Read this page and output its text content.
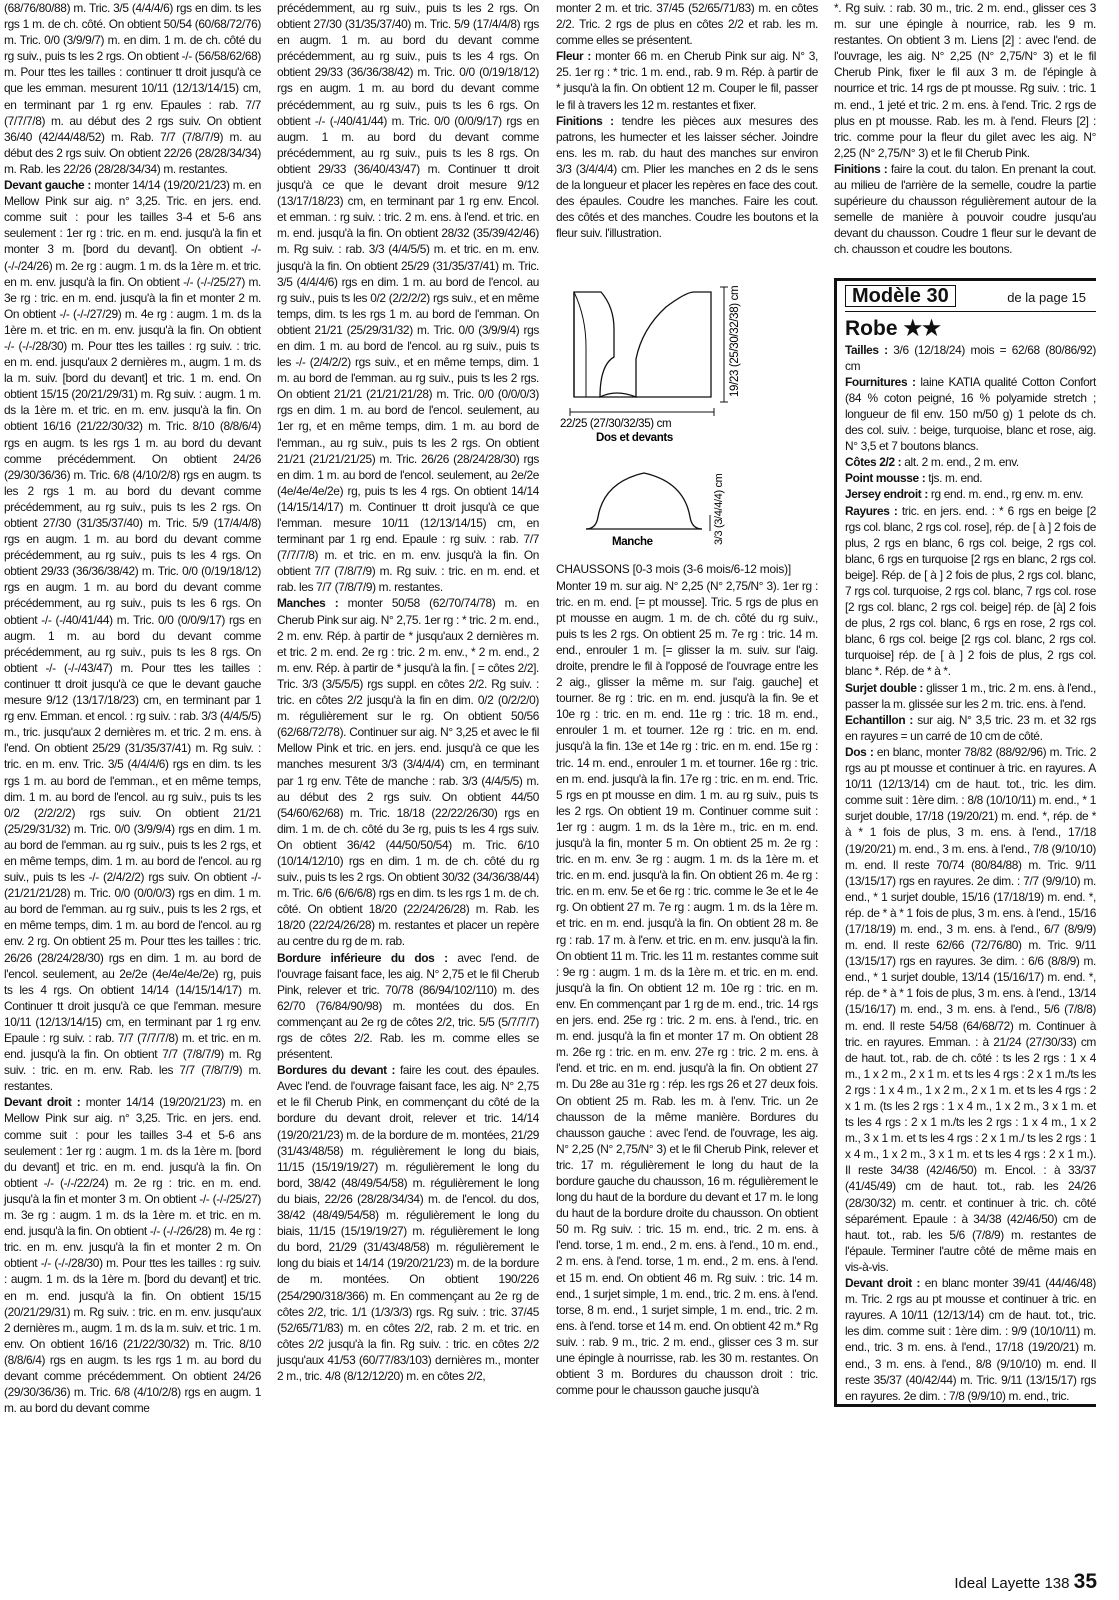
(68/76/80/88) m. Tric. 3/5 (4/4/4/6) rgs en dim. ts les rgs 1 m. de ch. côté. On obtient 50/54 (60/68/72/76) m. Tric. 0/0 (3/9/9/7) m. en dim. 1 m. de ch. côté du rg suiv., puis ts les 2 rgs. On obtient -/- (56/58/62/68) m. Pour ttes les tailles : continuer tt droit jusqu'à ce que les emman. mesurent 10/11 (12/13/14/15) cm, en terminant par 1 rg env. Epaules : rab. 7/7 (7/7/7/8) m. au début des 2 rgs suiv. On obtient 36/40 (42/44/48/52) m. Rab. 7/7 (7/8/7/9) m. au début des 2 rgs suiv. On obtient 22/26 (28/28/34/34) m. Rab. les 22/26 (28/28/34/34) m. restantes.

Devant gauche : monter 14/14 (19/20/21/23) m. en Mellow Pink sur aig. n° 3,25. Tric. en jers. end. comme suit : pour les tailles 3-4 et 5-6 ans seulement : 1er rg : tric. en m. end. jusqu'à la fin et monter 3 m. [bord du devant]. On obtient -/- (-/-/24/26) m. 2e rg : augm. 1 m. ds la 1ère m. et tric. en m. env. jusqu'à la fin. On obtient -/- (-/-/25/27) m. 3e rg : tric. en m. end. jusqu'à la fin et monter 2 m. On obtient -/- (-/-/27/29) m. 4e rg : augm. 1 m. ds la 1ère m. et tric. en m. env. jusqu'à la fin. On obtient -/- (-/-/28/30) m. Pour ttes les tailles : rg suiv. : tric. en m. end. jusqu'aux 2 dernières m., augm. 1 m. ds la m. suiv. [bord du devant] et tric. 1 m. end. On obtient 15/15 (20/21/29/31) m. Rg suiv. : augm. 1 m. ds la 1ère m. et tric. en m. env. jusqu'à la fin. On obtient 16/16 (21/22/30/32) m. Tric. 8/10 (8/8/6/4) rgs en augm. ts les rgs 1 m. au bord du devant comme précédemment. On obtient 24/26 (29/30/36/36) m. Tric. 6/8 (4/10/2/8) rgs en augm. ts les 2 rgs 1 m. au bord du devant comme précédemment, au rg suiv., puis ts les 2 rgs. On obtient 27/30 (31/35/37/40) m. Tric. 5/9 (17/4/4/8) rgs en augm. 1 m. au bord du devant comme précédemment, au rg suiv., puis ts les 4 rgs. On obtient 29/33 (36/36/38/42) m. Tric. 0/0 (0/19/18/12) rgs en augm. 1 m. au bord du devant comme précédemment, au rg suiv., puis ts les 6 rgs. On obtient -/- (-/40/41/44) m. Tric. 0/0 (0/0/9/17) rgs en augm. 1 m. au bord du devant comme précédemment, au rg suiv., puis ts les 8 rgs. On obtient -/- (-/-/43/47) m. Pour ttes les tailles : continuer tt droit jusqu'à ce que le devant gauche mesure 9/12 (13/17/18/23) cm, en terminant par 1 rg env. Emman. et encol. : rg suiv. : rab. 3/3 (4/4/5/5) m., tric. jusqu'aux 2 dernières m. et tric. 2 m. ens. à l'end. On obtient 25/29 (31/35/37/41) m. Rg suiv. : tric. en m. env. Tric. 3/5 (4/4/4/6) rgs en dim. ts les rgs 1 m. au bord de l'emman., et en même temps, dim. 1 m. au bord de l'encol. au rg suiv., puis ts les 0/2 (2/2/2/2) rgs suiv. On obtient 21/21 (25/29/31/32) m. Tric. 0/0 (3/9/9/4) rgs en dim. 1 m. au bord de l'emman. au rg suiv., puis ts les 2 rgs, et en même temps, dim. 1 m. au bord de l'encol. au rg suiv., puis ts les -/- (2/4/2/2) rgs suiv. On obtient -/- (21/21/21/28) m. Tric. 0/0 (0/0/0/3) rgs en dim. 1 m. au bord de l'emman. au rg suiv., puis ts les 2 rgs, et en même temps, dim. 1 m. au bord de l'encol. au rg env. 2 rg. On obtient 25 m. Pour ttes les tailles : tric. 26/26 (28/24/28/30) rgs en dim. 1 m. au bord de l'encol. seulement, au 2e/2e (4e/4e/4e/2e) rg, puis ts les 4 rgs. On obtient 14/14 (14/15/14/17) m. Continuer tt droit jusqu'à ce que l'emman. mesure 10/11 (12/13/14/15) cm, en terminant par 1 rg env. Epaule : rg suiv. : rab. 7/7 (7/7/7/8) m. et tric. en m. end. jusqu'à la fin. On obtient 7/7 (7/8/7/9) m. Rg suiv. : tric. en m. env. Rab. les 7/7 (7/8/7/9) m. restantes.

Devant droit : monter 14/14 (19/20/21/23) m. en Mellow Pink sur aig. n° 3,25. Tric. en jers. end. comme suit : pour les tailles 3-4 et 5-6 ans seulement : 1er rg : augm. 1 m. ds la 1ère m. [bord du devant] et tric. en m. end. jusqu'à la fin. On obtient -/- (-/-/22/24) m. 2e rg : tric. en m. end. jusqu'à la fin et monter 3 m. On obtient -/- (-/-/25/27) m. 3e rg : augm. 1 m. ds la 1ère m. et tric. en m. end. jusqu'à la fin. On obtient -/- (-/-/26/28) m. 4e rg : tric. en m. env. jusqu'à la fin et monter 2 m. On obtient -/- (-/-/28/30) m. Pour ttes les tailles : rg suiv. : augm. 1 m. ds la 1ère m. [bord du devant] et tric. en m. end. jusqu'à la fin. On obtient 15/15 (20/21/29/31) m. Rg suiv. : tric. en m. env. jusqu'aux 2 dernières m., augm. 1 m. ds la m. suiv. et tric. 1 m. env. On obtient 16/16 (21/22/30/32) m. Tric. 8/10 (8/8/6/4) rgs en augm. ts les rgs 1 m. au bord du devant comme précédemment. On obtient 24/26 (29/30/36/36) m. Tric. 6/8 (4/10/2/8) rgs en augm. 1 m. au bord du devant comme

précédemment, au rg suiv., puis ts les 2 rgs. On obtient 27/30 (31/35/37/40) m. Tric. 5/9 (17/4/4/8) rgs en augm. 1 m. au bord du devant comme précédemment, au rg suiv., puis ts les 4 rgs. On obtient 29/33 (36/36/38/42) m. Tric. 0/0 (0/19/18/12) rgs en augm. 1 m. au bord du devant comme précédemment, au rg suiv., puis ts les 6 rgs. On obtient -/- (-/40/41/44) m. Tric. 0/0 (0/0/9/17) rgs en augm. 1 m. au bord du devant comme précédemment, au rg suiv., puis ts les 8 rgs. On obtient 29/33 (36/40/43/47) m. Continuer tt droit jusqu'à ce que le devant droit mesure 9/12 (13/17/18/23) cm, en terminant par 1 rg env. Encol. et emman. : rg suiv. : tric. 2 m. ens. à l'end. et tric. en m. end. jusqu'à la fin. On obtient 28/32 (35/39/42/46) m. Rg suiv. : rab. 3/3 (4/4/5/5) m. et tric. en m. env. jusqu'à la fin. On obtient 25/29 (31/35/37/41) m. Tric. 3/5 (4/4/4/6) rgs en dim. 1 m. au bord de l'encol. au rg suiv., puis ts les 0/2 (2/2/2/2) rgs suiv., et en même temps, dim. ts les rgs 1 m. au bord de l'emman. On obtient 21/21 (25/29/31/32) m. Tric. 0/0 (3/9/9/4) rgs en dim. 1 m. au bord de l'encol. au rg suiv., puis ts les -/- (2/4/2/2) rgs suiv., et en même temps, dim. 1 m. au bord de l'emman. au rg suiv., puis ts les 2 rgs. On obtient 21/21 (21/21/21/28) m. Tric. 0/0 (0/0/0/3) rgs en dim. 1 m. au bord de l'encol. seulement, au 1er rg, et en même temps, dim. 1 m. au bord de l'emman., au rg suiv., puis ts les 2 rgs. On obtient 21/21 (21/21/21/25) m. Tric. 26/26 (28/24/28/30) rgs en dim. 1 m. au bord de l'encol. seulement, au 2e/2e (4e/4e/4e/2e) rg, puis ts les 4 rgs. On obtient 14/14 (14/15/14/17) m. Continuer tt droit jusqu'à ce que l'emman. mesure 10/11 (12/13/14/15) cm, en terminant par 1 rg end. Epaule : rg suiv. : rab. 7/7 (7/7/7/8) m. et tric. en m. env. jusqu'à la fin. On obtient 7/7 (7/8/7/9) m. Rg suiv. : tric. en m. end. et rab. les 7/7 (7/8/7/9) m. restantes.

Manches : monter 50/58 (62/70/74/78) m. en Cherub Pink sur aig. N° 2,75. 1er rg : * tric. 2 m. end., 2 m. env. Rép. à partir de * jusqu'aux 2 dernières m. et tric. 2 m. end. 2e rg : tric. 2 m. env., * 2 m. end., 2 m. env. Rép. à partir de * jusqu'à la fin. [ = côtes 2/2]. Tric. 3/3 (3/5/5/5) rgs suppl. en côtes 2/2. Rg suiv. : tric. en côtes 2/2 jusqu'à la fin en dim. 0/2 (0/2/2/0) m. régulièrement sur le rg. On obtient 50/56 (62/68/72/78). Continuer sur aig. N° 3,25 et avec le fil Mellow Pink et tric. en jers. end. jusqu'à ce que les manches mesurent 3/3 (3/4/4/4) cm, en terminant par 1 rg env. Tête de manche : rab. 3/3 (4/4/5/5) m. au début des 2 rgs suiv. On obtient 44/50 (54/60/62/68) m. Tric. 18/18 (22/22/26/30) rgs en dim. 1 m. de ch. côté du 3e rg, puis ts les 4 rgs suiv. On obtient 36/42 (44/50/50/54) m. Tric. 6/10 (10/14/12/10) rgs en dim. 1 m. de ch. côté du rg suiv., puis ts les 2 rgs. On obtient 30/32 (34/36/38/44) m. Tric. 6/6 (6/6/6/8) rgs en dim. ts les rgs 1 m. de ch. côté. On obtient 18/20 (22/24/26/28) m. Rab. les 18/20 (22/24/26/28) m. restantes et placer un repère au centre du rg de m. rab.

Bordure inférieure du dos : avec l'end. de l'ouvrage faisant face, les aig. N° 2,75 et le fil Cherub Pink, relever et tric. 70/78 (86/94/102/110) m. des 62/70 (76/84/90/98) m. montées du dos. En commençant au 2e rg de côtes 2/2, tric. 5/5 (5/7/7/7) rgs de côtes 2/2. Rab. les m. comme elles se présentent.

Bordures du devant : faire les cout. des épaules. Avec l'end. de l'ouvrage faisant face, les aig. N° 2,75 et le fil Cherub Pink, en commençant du côté de la bordure du devant droit, relever et tric. 14/14 (19/20/21/23) m. de la bordure de m. montées, 21/29 (31/43/48/58) m. régulièrement le long du biais, 11/15 (15/19/19/27) m. régulièrement le long du bord, 38/42 (48/49/54/58) m. régulièrement le long du biais, 22/26 (28/28/34/34) m. de l'encol. du dos, 38/42 (48/49/54/58) m. régulièrement le long du biais, 11/15 (15/19/19/27) m. régulièrement le long du bord, 21/29 (31/43/48/58) m. régulièrement le long du biais et 14/14 (19/20/21/23) m. de la bordure de m. montées. On obtient 190/226 (254/290/318/366) m. En commençant au 2e rg de côtes 2/2, tric. 1/1 (1/3/3/3) rgs. Rg suiv. : tric. 37/45 (52/65/71/83) m. en côtes 2/2, rab. 2 m. et tric. en côtes 2/2 jusqu'à la fin. Rg suiv. : tric. en côtes 2/2 jusqu'aux 41/53 (60/77/83/103) dernières m., monter 2 m., tric. 4/8 (8/12/12/20) m. en côtes 2/2,

monter 2 m. et tric. 37/45 (52/65/71/83) m. en côtes 2/2. Tric. 2 rgs de plus en côtes 2/2 et rab. les m. comme elles se présentent.

Fleur : monter 66 m. en Cherub Pink sur aig. N° 3, 25. 1er rg : * tric. 1 m. end., rab. 9 m. Rép. à partir de * jusqu'à la fin. On obtient 12 m. Couper le fil, passer le fil à travers les 12 m. restantes et fixer.

Finitions : tendre les pièces aux mesures des patrons, les humecter et les laisser sécher. Joindre ens. les m. rab. du haut des manches sur environ 3/3 (3/4/4/4) cm. Plier les manches en 2 ds le sens de la longueur et placer les repères en face des cout. des épaules. Coudre les manches. Faire les cout. des côtés et des manches. Coudre les boutons et la fleur suiv. l'illustration.

19/23 (25/30/32/38) cm
22/25 (27/30/32/35) cm
Dos et devants
3/3 (3/4/4/4) cm
Manche

CHAUSSONS [0-3 mois (3-6 mois/6-12 mois)]

Monter 19 m. sur aig. N° 2,25 (N° 2,75/N° 3). 1er rg : tric. en m. end. [= pt mousse]. Tric. 5 rgs de plus en pt mousse en augm. 1 m. de ch. côté du rg suiv., puis ts les 2 rgs. On obtient 25 m. 7e rg : tric. 14 m. end., enrouler 1 m. [= glisser la m. suiv. sur l'aig. droite, prendre le fil à l'opposé de l'ouvrage entre les 2 aig., glisser la même m. sur l'aig. gauche] et tourner. 8e rg : tric. en m. end. jusqu'à la fin. 9e et 10e rg : tric. en m. end. 11e rg : tric. 18 m. end., enrouler 1 m. et tourner. 12e rg : tric. en m. end. jusqu'à la fin. 13e et 14e rg : tric. en m. end. 15e rg : tric. 14 m. end., enrouler 1 m. et tourner. 16e rg : tric. en m. end. jusqu'à la fin. 17e rg : tric. en m. end. Tric. 5 rgs en pt mousse en dim. 1 m. au rg suiv., puis ts les 2 rgs. On obtient 19 m. Continuer comme suit : 1er rg : augm. 1 m. ds la 1ère m., tric. en m. end. jusqu'à la fin, monter 5 m. On obtient 25 m. 2e rg : tric. en m. env. 3e rg : augm. 1 m. ds la 1ère m. et tric. en m. end. jusqu'à la fin. On obtient 26 m. 4e rg : tric. en m. env. 5e et 6e rg : tric. comme le 3e et le 4e rg. On obtient 27 m. 7e rg : augm. 1 m. ds la 1ère m. et tric. en m. end. jusqu'à la fin. On obtient 28 m. 8e rg : rab. 17 m. à l'env. et tric. en m. env. jusqu'à la fin. On obtient 11 m. Tric. les 11 m. restantes comme suit : 9e rg : augm. 1 m. ds la 1ère m. et tric. en m. end. jusqu'à la fin. On obtient 12 m. 10e rg : tric. en m. env. En commençant par 1 rg de m. end., tric. 14 rgs en jers. end. 25e rg : tric. 2 m. ens. à l'end., tric. en m. end. jusqu'à la fin et monter 17 m. On obtient 28 m. 26e rg : tric. en m. env. 27e rg : tric. 2 m. ens. à l'end. et tric. en m. end. jusqu'à la fin. On obtient 27 m. Du 28e au 31e rg : rép. les rgs 26 et 27 deux fois. On obtient 25 m. Rab. les m. à l'env. Tric. un 2e chausson de la même manière. Bordures du chausson gauche : avec l'end. de l'ouvrage, les aig. N° 2,25 (N° 2,75/N° 3) et le fil Cherub Pink, relever et tric. 17 m. régulièrement le long du haut de la bordure gauche du chausson, 16 m. régulièrement le long du haut de la bordure du devant et 17 m. le long du haut de la bordure droite du chausson. On obtient 50 m. Rg suiv. : tric. 15 m. end., tric. 2 m. ens. à l'end. torse, 1 m. end., 2 m. ens. à l'end., 10 m. end., 2 m. ens. à l'end. torse, 1 m. end., 2 m. ens. à l'end. et 15 m. end. On obtient 46 m. Rg suiv. : tric. 14 m. end., 1 surjet simple, 1 m. end., tric. 2 m. ens. à l'end. torse, 8 m. end., 1 surjet simple, 1 m. end., tric. 2 m. ens. à l'end. torse et 14 m. end. On obtient 42 m.* Rg suiv. : rab. 9 m., tric. 2 m. end., glisser ces 3 m. sur une épingle à nourrisse, rab. les 30 m. restantes. On obtient 3 m. Bordures du chausson droit : tric. comme pour le chausson gauche jusqu'à

*. Rg suiv. : rab. 30 m., tric. 2 m. end., glisser ces 3 m. sur une épingle à nourrice, rab. les 9 m. restantes. On obtient 3 m. Liens [2] : avec l'end. de l'ouvrage, les aig. N° 2,25 (N° 2,75/N° 3) et le fil Cherub Pink, fixer le fil aux 3 m. de l'épingle à nourrice et tric. 14 rgs de pt mousse. Rg suiv. : tric. 1 m. end., 1 jeté et tric. 2 m. ens. à l'end. Tric. 2 rgs de plus en pt mousse. Rab. les m. à l'end. Fleurs [2] : tric. comme pour la fleur du gilet avec les aig. N° 2,25 (N° 2,75/N° 3) et le fil Cherub Pink.

Finitions : faire la cout. du talon. En prenant la cout. au milieu de l'arrière de la semelle, coudre la partie supérieure du chausson régulièrement autour de la semelle de manière à pouvoir coudre jusqu'au devant du chausson. Coudre 1 fleur sur le devant de ch. chausson et coudre les boutons.

Modèle 30	de la page 15
Robe ★★

Tailles : 3/6 (12/18/24) mois = 62/68 (80/86/92) cm

Fournitures : laine KATIA qualité Cotton Confort (84 % coton peigné, 16 % polyamide stretch ; longueur de fil env. 150 m/50 g) 1 pelote ds ch. des col. suiv. : beige, turquoise, blanc et rose, aig. N° 3,5 et 7 boutons blancs.

Côtes 2/2 : alt. 2 m. end., 2 m. env.

Point mousse : tjs. m. end.

Jersey endroit : rg end. m. end., rg env. m. env.

Rayures : tric. en jers. end. : * 6 rgs en beige [2 rgs col. blanc, 2 rgs col. rose], rép. de [ à ] 2 fois de plus, 2 rgs en blanc, 6 rgs col. beige, 2 rgs col. blanc, 6 rgs en turquoise [2 rgs en blanc, 2 rgs col. beige]. Rép. de [ à ] 2 fois de plus, 2 rgs col. blanc, 7 rgs col. turquoise, 2 rgs col. blanc, 7 rgs col. rose [2 rgs col. blanc, 2 rgs col. beige] rép. de [à] 2 fois de plus, 2 rgs col. blanc, 6 rgs en rose, 2 rgs col. blanc, 6 rgs col. beige [2 rgs col. blanc, 2 rgs col. turquoise] rép. de [ à ] 2 fois de plus, 2 rgs col. blanc *. Rép. de * à *.

Surjet double : glisser 1 m., tric. 2 m. ens. à l'end., passer la m. glissée sur les 2 m. tric. ens. à l'end.

Echantillon : sur aig. N° 3,5 tric. 23 m. et 32 rgs en rayures = un carré de 10 cm de côté.

Dos : en blanc, monter 78/82 (88/92/96) m. Tric. 2 rgs au pt mousse et continuer à tric. en rayures. A 10/11 (12/13/14) cm de haut. tot., tric. les dim. comme suit : 1ère dim. : 8/8 (10/10/11) m. end., * 1 surjet double, 17/18 (19/20/21) m. end. *, rép. de * à * 1 fois de plus, 3 m. ens. à l'end., 17/18 (19/20/21) m. end., 3 m. ens. à l'end., 7/8 (9/10/10) m. end. Il reste 70/74 (80/84/88) m. Tric. 9/11 (13/15/17) rgs en rayures. 2e dim. : 7/7 (9/9/10) m. end., * 1 surjet double, 15/16 (17/18/19) m. end. *, rép. de * à * 1 fois de plus, 3 m. ens. à l'end., 15/16 (17/18/19) m. end., 3 m. ens. à l'end., 6/7 (8/9/9) m. end. Il reste 62/66 (72/76/80) m. Tric. 9/11 (13/15/17) rgs en rayures. 3e dim. : 6/6 (8/8/9) m. end., * 1 surjet double, 13/14 (15/16/17) m. end. *, rép. de * à * 1 fois de plus, 3 m. ens. à l'end., 13/14 (15/16/17) m. end., 3 m. ens. à l'end., 5/6 (7/8/8) m. end. Il reste 54/58 (64/68/72) m. Continuer à tric. en rayures. Emman. : à 21/24 (27/30/33) cm de haut. tot., rab. de ch. côté : ts les 2 rgs : 1 x 4 m., 1 x 2 m., 2 x 1 m. et ts les 4 rgs : 2 x 1 m./ts les 2 rgs : 1 x 4 m., 1 x 2 m., 2 x 1 m. et ts les 4 rgs : 2 x 1 m. (ts les 2 rgs : 1 x 4 m., 1 x 2 m., 3 x 1 m. et ts les 4 rgs : 2 x 1 m./ts les 2 rgs : 1 x 4 m., 1 x 2 m., 3 x 1 m. et ts les 4 rgs : 2 x 1 m./ ts les 2 rgs : 1 x 4 m., 1 x 2 m., 3 x 1 m. et ts les 4 rgs : 2 x 1 m.). Il reste 34/38 (42/46/50) m. Encol. : à 33/37 (41/45/49) cm de haut. tot., rab. les 24/26 (28/30/32) m. centr. et continuer à tric. ch. côté séparément. Epaule : à 34/38 (42/46/50) cm de haut. tot., rab. les 5/6 (7/8/9) m. restantes de l'épaule. Terminer l'autre côté de même mais en vis-à-vis.

Devant droit : en blanc monter 39/41 (44/46/48) m. Tric. 2 rgs au pt mousse et continuer à tric. en rayures. A 10/11 (12/13/14) cm de haut. tot., tric. les dim. comme suit : 1ère dim. : 9/9 (10/10/11) m. end., tric. 3 m. ens. à l'end., 17/18 (19/20/21) m. end., 3 m. ens. à l'end., 8/8 (9/10/10) m. end. Il reste 35/37 (40/42/44) m. Tric. 9/11 (13/15/17) rgs en rayures. 2e dim. : 7/8 (9/9/10) m. end., tric.

Ideal Layette 138 35
